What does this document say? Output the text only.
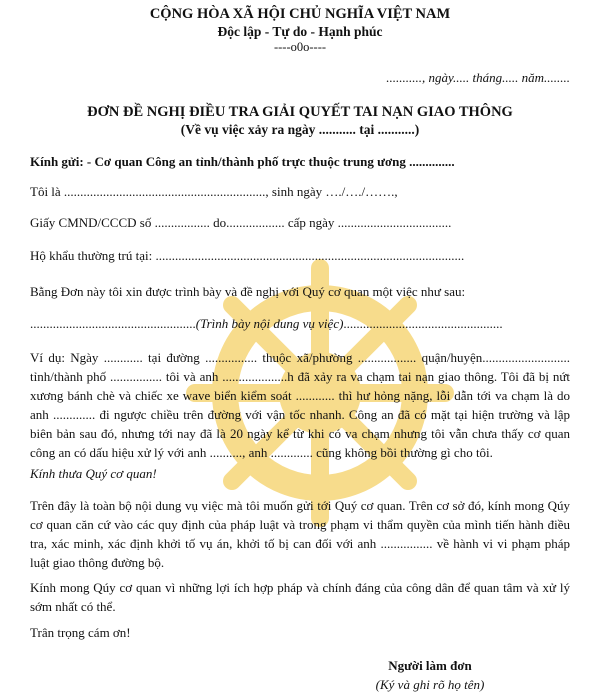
CỘNG HÒA XÃ HỘI CHỦ NGHĨA VIỆT NAM
Độc lập - Tự do - Hạnh phúc
----o0o----
..........., ngày..... tháng..... năm........
ĐƠN ĐỀ NGHỊ ĐIỀU TRA GIẢI QUYẾT TAI NẠN GIAO THÔNG
(Về vụ việc xảy ra ngày ........... tại ...........)
Kính gửi: - Cơ quan Công an tỉnh/thành phố trực thuộc trung ương ..............
Tôi là .............................................................., sinh ngày …./…./…….,
Giấy CMND/CCCD số ................. do.................. cấp ngày ...................................
Hộ khẩu thường trú tại: ...............................................................................................
Bằng Đơn này tôi xin được trình bày và đề nghị với Quý cơ quan một việc như sau:
...................................................(Trình bày nội dung vụ việc).................................................
Ví dụ: Ngày ............ tại đường ................ thuộc xã/phường .................. quận/huyện........................... tỉnh/thành phố ................ tôi và anh ....................h đã xảy ra va chạm tai nạn giao thông. Tôi đã bị nứt xương bánh chè và chiếc xe wave biển kiểm soát ............ thì hư hỏng nặng, lỗi dẫn tới va chạm là do anh ............. đi ngược chiều trên đường với vận tốc nhanh. Công an đã có mặt tại hiện trường và lập biên bản sau đó, nhưng tới nay đã là 20 ngày kể từ khi có va chạm nhưng tôi vẫn chưa thấy cơ quan công an có dấu hiệu xử lý với anh .........., anh ............. cũng không bồi thường gì cho tôi.
Kính thưa Quý cơ quan!
Trên đây là toàn bộ nội dung vụ việc mà tôi muốn gửi tới Quý cơ quan. Trên cơ sở đó, kính mong Qúy cơ quan căn cứ vào các quy định của pháp luật và trong phạm vi thẩm quyền của mình tiến hành điều tra, xác minh, xác định khởi tố vụ án, khởi tố bị can đối với anh ................ về hành vi vi phạm pháp luật giao thông đường bộ.
Kính mong Qúy cơ quan vì những lợi ích hợp pháp và chính đáng của công dân để quan tâm và xử lý sớm nhất có thể.
Trân trọng cám ơn!
Người làm đơn
(Ký và ghi rõ họ tên)
